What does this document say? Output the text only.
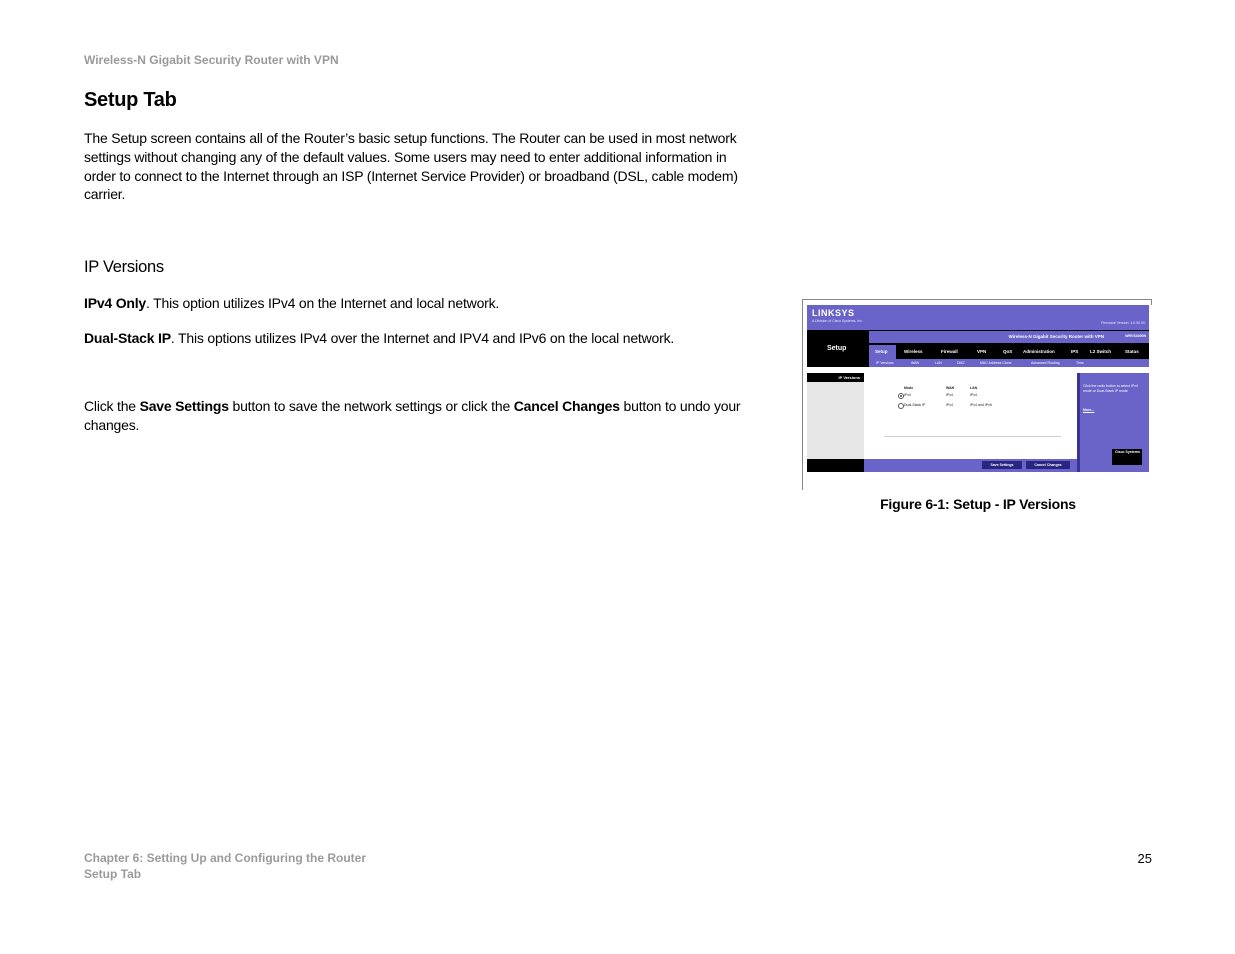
Wireless-N Gigabit Security Router with VPN
Setup Tab
The Setup screen contains all of the Router’s basic setup functions. The Router can be used in most network settings without changing any of the default values. Some users may need to enter additional information in order to connect to the Internet through an ISP (Internet Service Provider) or broadband (DSL, cable modem) carrier.
IP Versions
IPv4 Only. This option utilizes IPv4 on the Internet and local network.
Dual-Stack IP. This options utilizes IPv4 over the Internet and IPV4 and IPv6 on the local network.
Click the Save Settings button to save the network settings or click the Cancel Changes button to undo your changes.
LINKSYS
A Division of Cisco Systems, Inc.	Firmware Version: 1.0.00.00
Wireless-N Gigabit Security Router with VPN	WRVS4400N
Setup	Setup	Wireless	Firewall	VPN	QoS Administration	IPS	L2 Switch	Status
IP Versions	WAN	LAN	DMZ	MAC Address Clone	Advanced Routing	Time
IP Versions
Mode	WAN	LAN
IPv4	IPv4	IPv4
Dual-Stack IP	IPv4	IPv4 and IPv6
Click the radio button to select IPv4 mode or Dual-Stack IP mode
More...
Cisco Systems
Save Settings	Cancel Changes
Figure 6-1: Setup - IP Versions
Chapter 6: Setting Up and Configuring the Router
Setup Tab
25
